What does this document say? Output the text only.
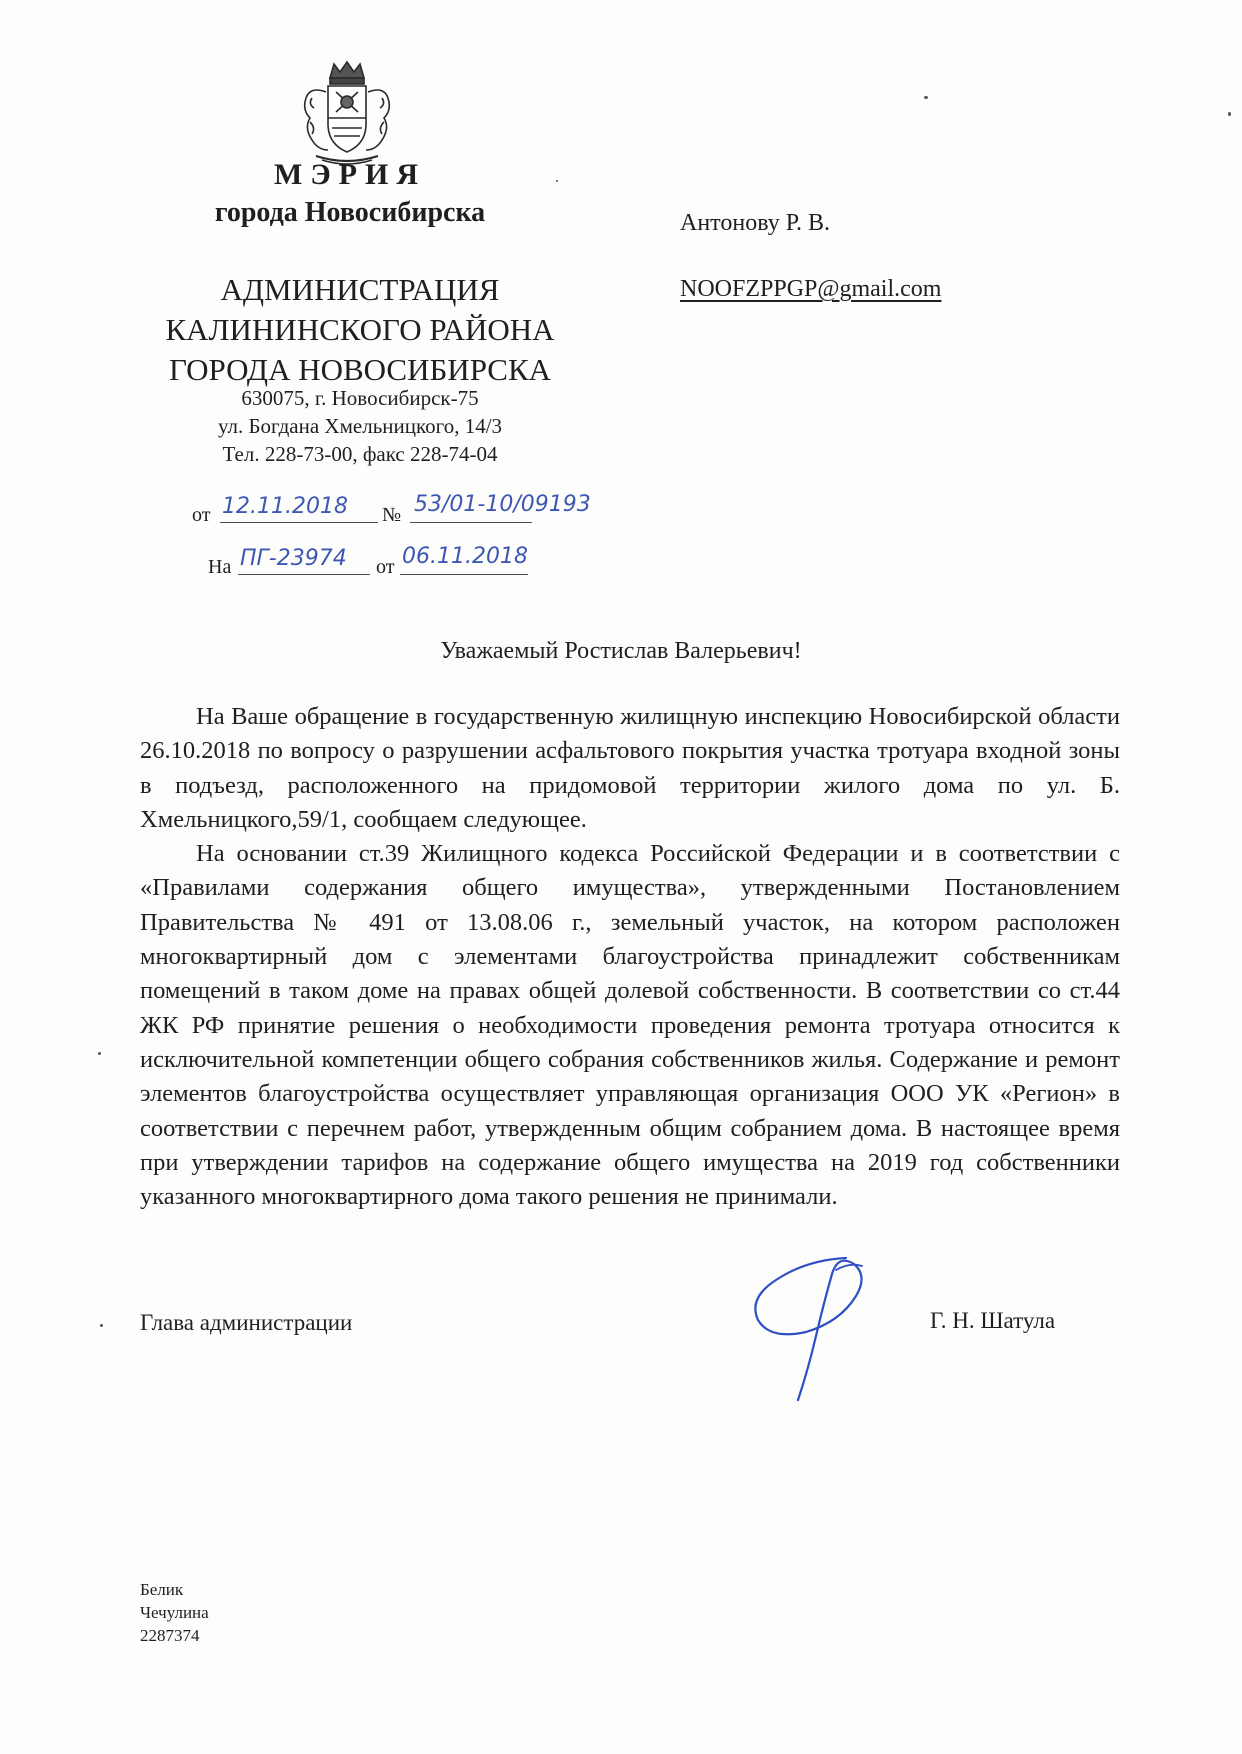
МЭРИЯ
города Новосибирска
АДМИНИСТРАЦИЯ
КАЛИНИНСКОГО РАЙОНА
ГОРОДА НОВОСИБИРСКА
630075, г. Новосибирск-75
ул. Богдана Хмельницкого, 14/3
Тел. 228-73-00, факс 228-74-04
от 12.11.2018 № 53/01-10/09193
На ПГ-23974 от 06.11.2018
Антонову Р. В.
NOOFZPPGP@gmail.com
Уважаемый Ростислав Валерьевич!

На Ваше обращение в государственную жилищную инспекцию Новосибирской области 26.10.2018 по вопросу о разрушении асфальтового покрытия участка тротуара входной зоны в подъезд, расположенного на придомовой территории жилого дома по ул. Б. Хмельницкого,59/1, сообщаем следующее.

На основании ст.39 Жилищного кодекса Российской Федерации и в соответствии с «Правилами содержания общего имущества», утвержденными Постановлением Правительства № 491 от 13.08.06 г., земельный участок, на котором расположен многоквартирный дом с элементами благоустройства принадлежит собственникам помещений в таком доме на правах общей долевой собственности. В соответствии со ст.44 ЖК РФ принятие решения о необходимости проведения ремонта тротуара относится к исключительной компетенции общего собрания собственников жилья. Содержание и ремонт элементов благоустройства осуществляет управляющая организация ООО УК «Регион» в соответствии с перечнем работ, утвержденным общим собранием дома. В настоящее время при утверждении тарифов на содержание общего имущества на 2019 год собственники указанного многоквартирного дома такого решения не принимали.

Глава администрации	Г. Н. Шатула
Белик
Чечулина
2287374
